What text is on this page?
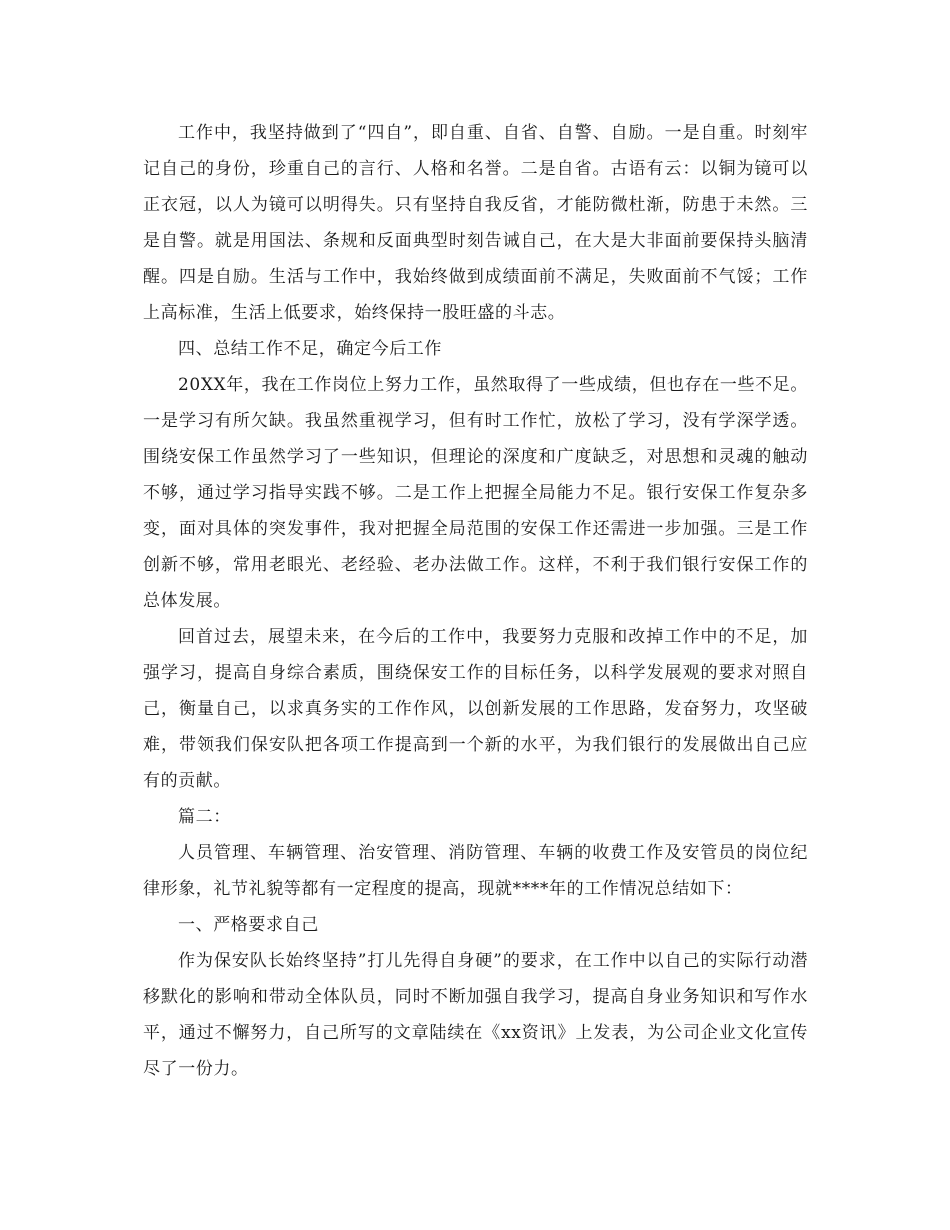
工作中，我坚持做到了“四自”，即自重、自省、自警、自励。一是自重。时刻牢记自己的身份，珍重自己的言行、人格和名誉。二是自省。古语有云：以铜为镜可以正衣冠，以人为镜可以明得失。只有坚持自我反省，才能防微杜渐，防患于未然。三是自警。就是用国法、条规和反面典型时刻告诫自己，在大是大非面前要保持头脑清醒。四是自励。生活与工作中，我始终做到成绩面前不满足，失败面前不气馁；工作上高标准，生活上低要求，始终保持一股旺盛的斗志。

四、总结工作不足，确定今后工作

20XX年，我在工作岗位上努力工作，虽然取得了一些成绩，但也存在一些不足。一是学习有所欠缺。我虽然重视学习，但有时工作忙，放松了学习，没有学深学透。围绕安保工作虽然学习了一些知识，但理论的深度和广度缺乏，对思想和灵魂的触动不够，通过学习指导实践不够。二是工作上把握全局能力不足。银行安保工作复杂多变，面对具体的突发事件，我对把握全局范围的安保工作还需进一步加强。三是工作创新不够，常用老眼光、老经验、老办法做工作。这样，不利于我们银行安保工作的总体发展。

回首过去，展望未来，在今后的工作中，我要努力克服和改掉工作中的不足，加强学习，提高自身综合素质，围绕保安工作的目标任务，以科学发展观的要求对照自己，衡量自己，以求真务实的工作作风，以创新发展的工作思路，发奋努力，攻坚破难，带领我们保安队把各项工作提高到一个新的水平，为我们银行的发展做出自己应有的贡献。

篇二：

人员管理、车辆管理、治安管理、消防管理、车辆的收费工作及安管员的岗位纪律形象，礼节礼貌等都有一定程度的提高，现就****年的工作情况总结如下：

一、严格要求自己

作为保安队长始终坚持”打儿先得自身硬”的要求，在工作中以自己的实际行动潜移默化的影响和带动全体队员，同时不断加强自我学习，提高自身业务知识和写作水平，通过不懈努力，自己所写的文章陆续在《xx资讯》上发表，为公司企业文化宣传尽了一份力。
